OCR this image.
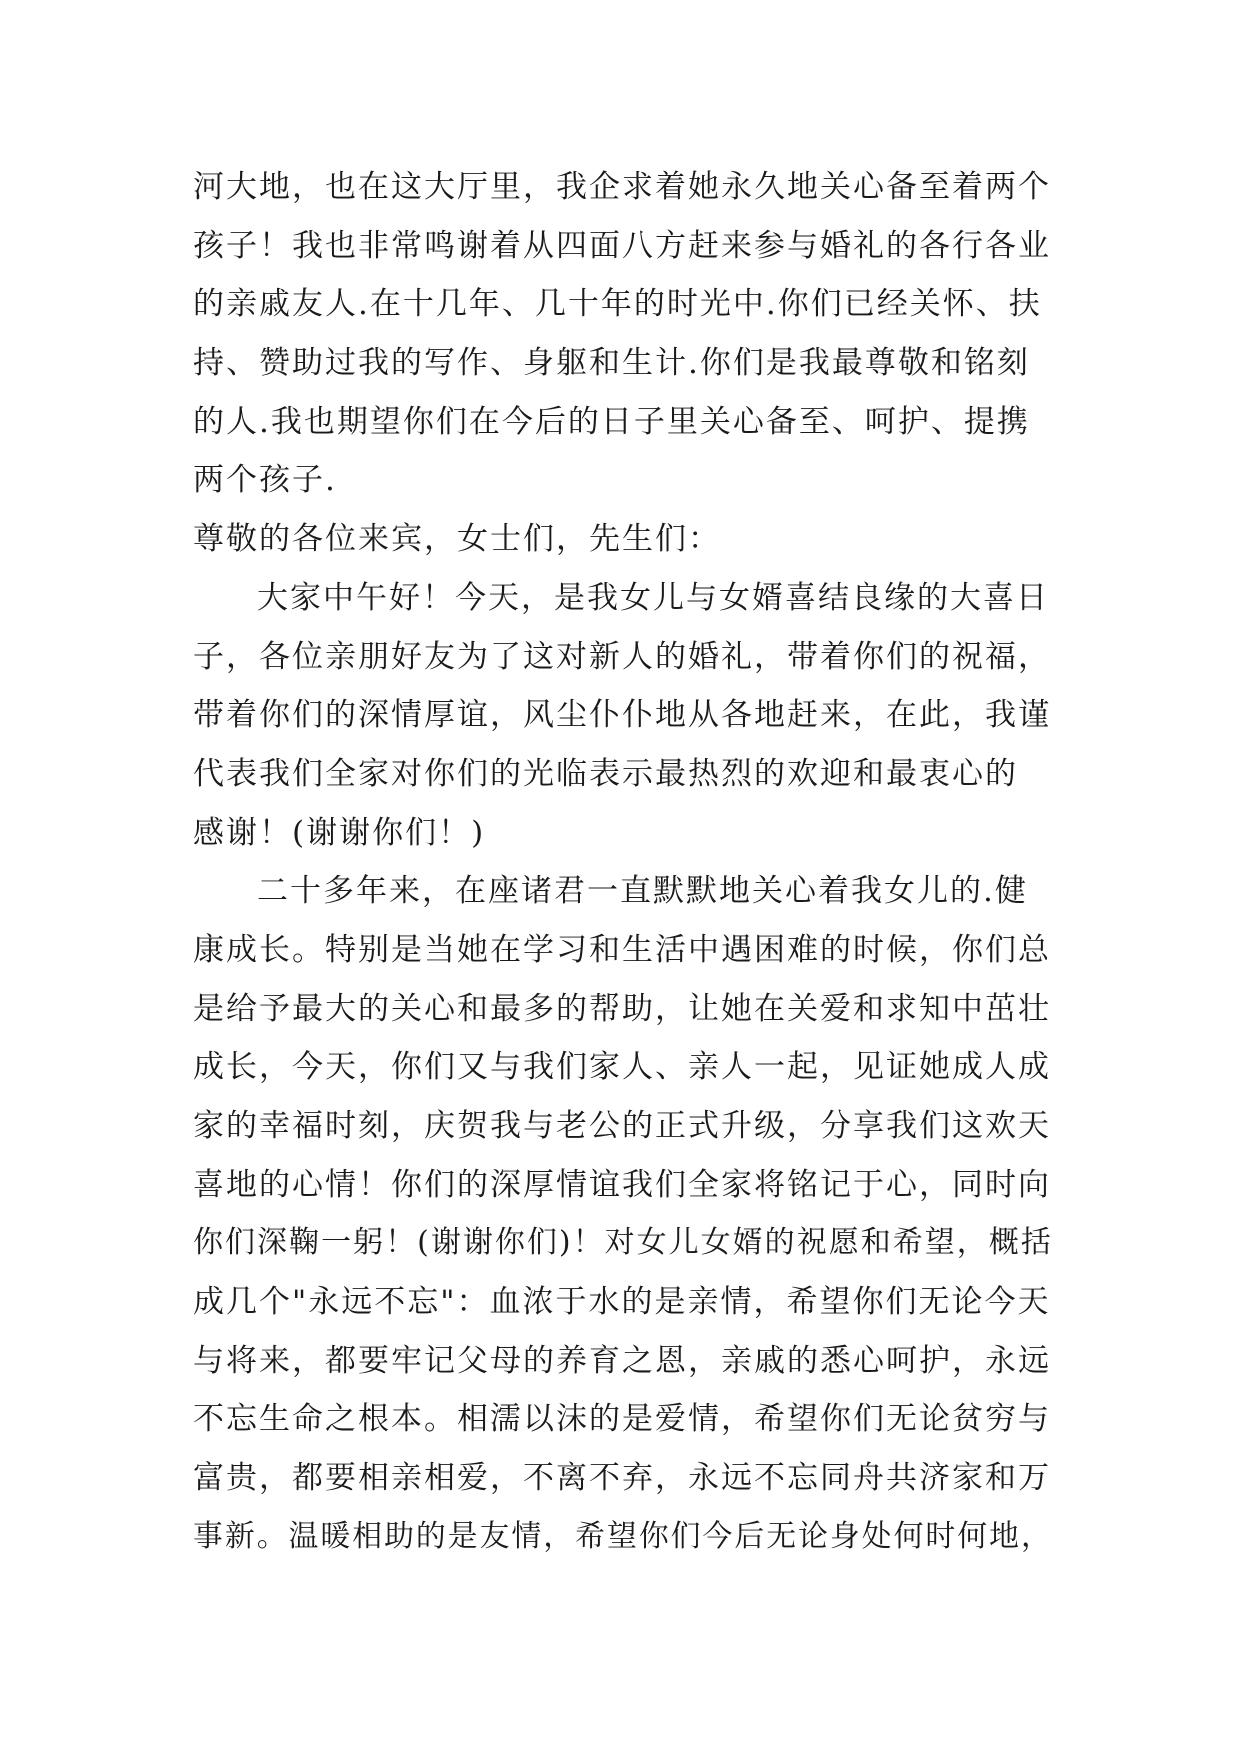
河大地，也在这大厅里，我企求着她永久地关心备至着两个
孩子！我也非常鸣谢着从四面八方赶来参与婚礼的各行各业
的亲戚友人.在十几年、几十年的时光中.你们已经关怀、扶
持、赞助过我的写作、身躯和生计.你们是我最尊敬和铭刻
的人.我也期望你们在今后的日子里关心备至、呵护、提携
两个孩子.
尊敬的各位来宾，女士们，先生们：
大家中午好！今天，是我女儿与女婿喜结良缘的大喜日
子，各位亲朋好友为了这对新人的婚礼，带着你们的祝福，
带着你们的深情厚谊，风尘仆仆地从各地赶来，在此，我谨
代表我们全家对你们的光临表示最热烈的欢迎和最衷心的
感谢！(谢谢你们！)
二十多年来，在座诸君一直默默地关心着我女儿的.健
康成长。特别是当她在学习和生活中遇困难的时候，你们总
是给予最大的关心和最多的帮助，让她在关爱和求知中茁壮
成长，今天，你们又与我们家人、亲人一起，见证她成人成
家的幸福时刻，庆贺我与老公的正式升级，分享我们这欢天
喜地的心情！你们的深厚情谊我们全家将铭记于心，同时向
你们深鞠一躬！(谢谢你们)！对女儿女婿的祝愿和希望，概括
成几个"永远不忘"：血浓于水的是亲情，希望你们无论今天
与将来，都要牢记父母的养育之恩，亲戚的悉心呵护，永远
不忘生命之根本。相濡以沫的是爱情，希望你们无论贫穷与
富贵，都要相亲相爱，不离不弃，永远不忘同舟共济家和万
事新。温暖相助的是友情，希望你们今后无论身处何时何地，
